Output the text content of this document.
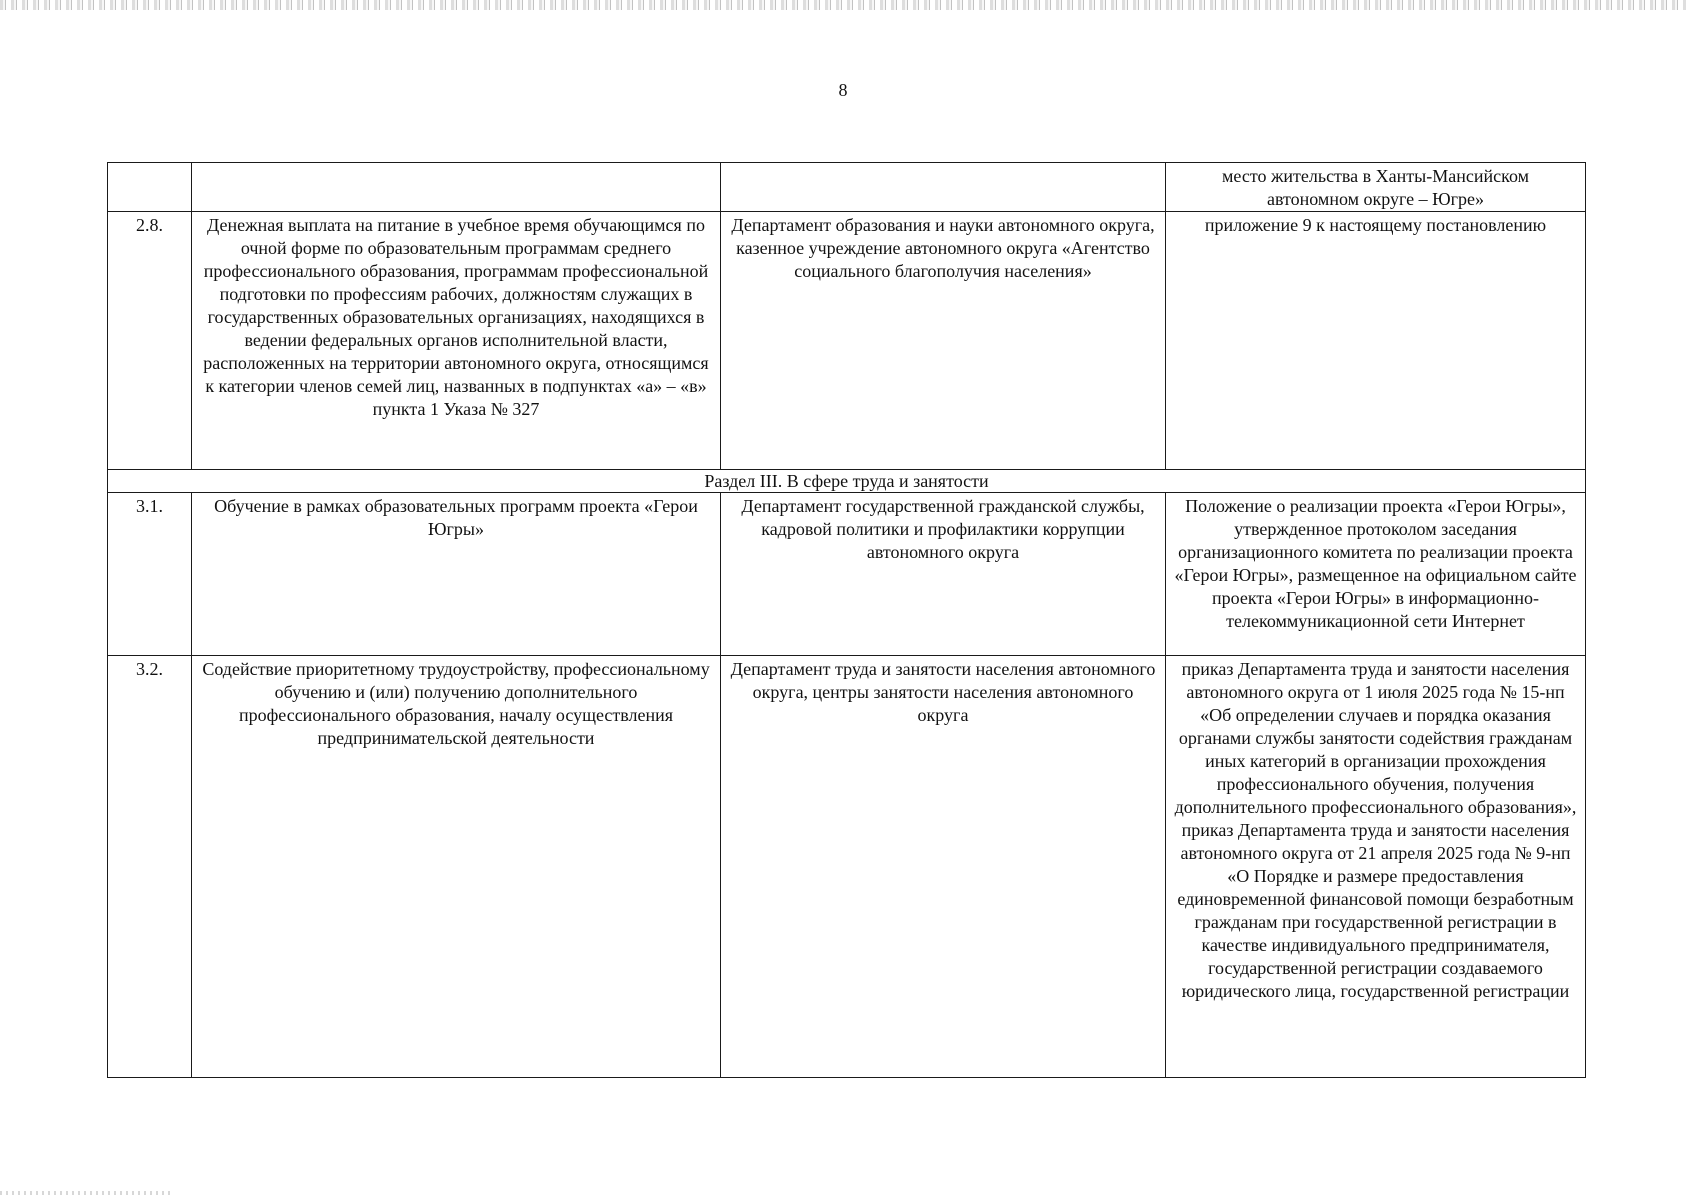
8
			место жительства в Ханты-Мансийском автономном округе – Югре»
2.8.	Денежная выплата на питание в учебное время обучающимся по очной форме по образовательным программам среднего профессионального образования, программам профессиональной подготовки по профессиям рабочих, должностям служащих в государственных образовательных организациях, находящихся в ведении федеральных органов исполнительной власти, расположенных на территории автономного округа, относящимся к категории членов семей лиц, названных в подпунктах «а» – «в» пункта 1 Указа № 327	Департамент образования и науки автономного округа, казенное учреждение автономного округа «Агентство социального благополучия населения»	приложение 9 к настоящему постановлению
Раздел III. В сфере труда и занятости			
3.1.	Обучение в рамках образовательных программ проекта «Герои Югры»	Департамент государственной гражданской службы, кадровой политики и профилактики коррупции автономного округа	Положение о реализации проекта «Герои Югры», утвержденное протоколом заседания организационного комитета по реализации проекта «Герои Югры», размещенное на официальном сайте проекта «Герои Югры» в информационно-телекоммуникационной сети Интернет
3.2.	Содействие приоритетному трудоустройству, профессиональному обучению и (или) получению дополнительного профессионального образования, началу осуществления предпринимательской деятельности	Департамент труда и занятости населения автономного округа, центры занятости населения автономного округа	приказ Департамента труда и занятости населения автономного округа от 1 июля 2025 года № 15-нп «Об определении случаев и порядка оказания органами службы занятости содействия гражданам иных категорий в организации прохождения профессионального обучения, получения дополнительного профессионального образования», приказ Департамента труда и занятости населения автономного округа от 21 апреля 2025 года № 9-нп «О Порядке и размере предоставления единовременной финансовой помощи безработным гражданам при государственной регистрации в качестве индивидуального предпринимателя, государственной регистрации создаваемого юридического лица, государственной регистрации
